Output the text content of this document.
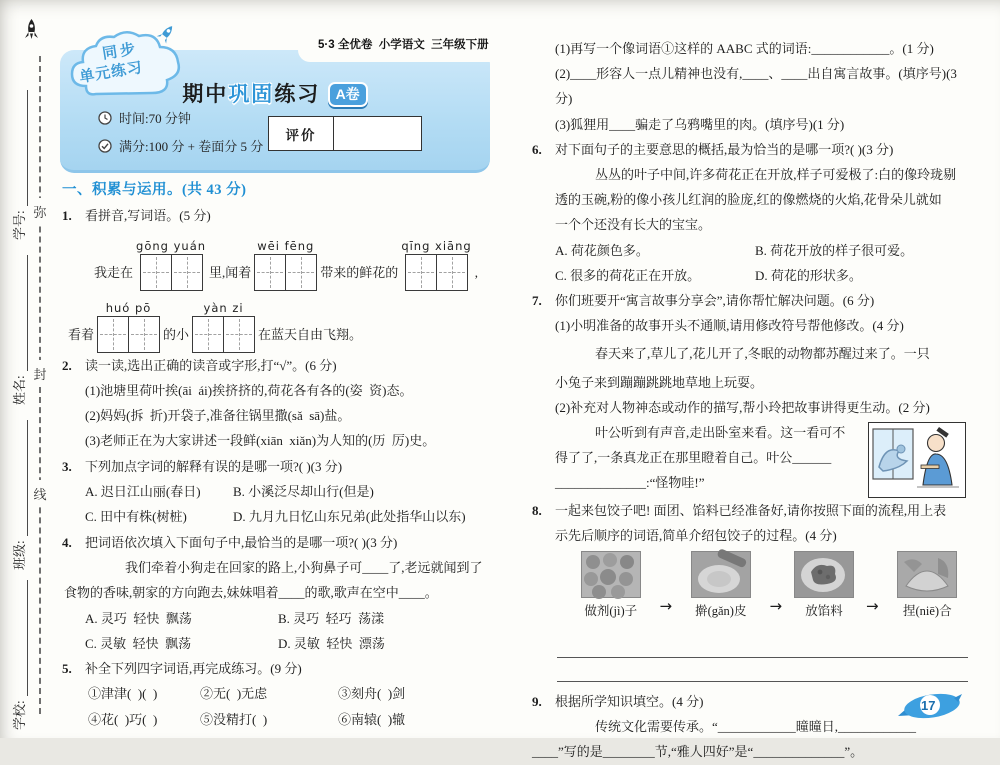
弥
封
线
学号:
姓名:
班级:
学校:
5·3 全优卷  小学语文  三年级下册
同步
单元练习
期中巩固练习 A卷
时间:70 分钟
满分:100 分 + 卷面分 5 分
评价
一、积累与运用。(共 43 分)
1.	看拼音,写词语。(5 分)
我走在
gōng yuán
里,闻着
wēi fēng
带来的鲜花的
qīng xiāng
,
看着
huó pō
的小
yàn zi
在蓝天自由飞翔。
2.	读一读,选出正确的读音或字形,打“√”。(6 分)
(1)池塘里荷叶挨(āi  ái)挨挤挤的,荷花各有各的(姿  资)态。
(2)妈妈(拆  折)开袋子,准备往锅里撒(sǎ  sā)盐。
(3)老师正在为大家讲述一段鲜(xiān  xiǎn)为人知的(历  厉)史。
3.	下列加点字词的解释有误的是哪一项?( )(3 分)
A. 迟日江山丽(春日)	B. 小溪泛尽却山行(但是)
C. 田中有株(树桩)	D. 九月九日忆山东兄弟(此处指华山以东)
4.	把词语依次填入下面句子中,最恰当的是哪一项?( )(3 分)
我们牵着小狗走在回家的路上,小狗鼻子可____了,老远就闻到了
食物的香味,朝家的方向跑去,妹妹唱着____的歌,歌声在空中____。
A. 灵巧  轻快  飘荡	B. 灵巧  轻巧  荡漾
C. 灵敏  轻快  飘荡	D. 灵敏  轻快  漂荡
5.	补全下列四字词语,再完成练习。(9 分)
①津津(  )(  )	②无(  )无虑	③刻舟(  )剑
④花(  )巧(  )	⑤没精打(  )	⑥南辕(  )辙
(1)再写一个像词语①这样的 AABC 式的词语:____________。(1 分)
(2)____形容人一点儿精神也没有,____、____出自寓言故事。(填序号)(3 分)
(3)狐狸用____骗走了乌鸦嘴里的肉。(填序号)(1 分)
6.	对下面句子的主要意思的概括,最为恰当的是哪一项?( )(3 分)
丛丛的叶子中间,许多荷花正在开放,样子可爱极了:白的像玲珑剔
透的玉碗,粉的像小孩儿红润的脸庞,红的像燃烧的火焰,花骨朵儿就如
一个个还没有长大的宝宝。
A. 荷花颜色多。	B. 荷花开放的样子很可爱。
C. 很多的荷花正在开放。	D. 荷花的形状多。
7.	你们班要开“寓言故事分享会”,请你帮忙解决问题。(6 分)
(1)小明准备的故事开头不通顺,请用修改符号帮他修改。(4 分)
春天来了,草儿了,花儿开了,冬眠的动物都苏醒过来了。一只
小兔子来到蹦蹦跳跳地草地上玩耍。
(2)补充对人物神态或动作的描写,帮小玲把故事讲得更生动。(2 分)
叶公听到有声音,走出卧室来看。这一看可不
得了了,一条真龙正在那里瞪着自己。叶公______
______________:“怪物哇!”
8.	一起来包饺子吧! 面团、馅料已经准备好,请你按照下面的流程,用上表
示先后顺序的词语,简单介绍包饺子的过程。(4 分)
做剂(jì)子 → 擀(gǎn)皮 → 放馅料 → 捏(niē)合
9.	根据所学知识填空。(4 分)
传统文化需要传承。“____________曈曈日,____________
____”写的是________节,“雅人四好”是“______________”。
17
